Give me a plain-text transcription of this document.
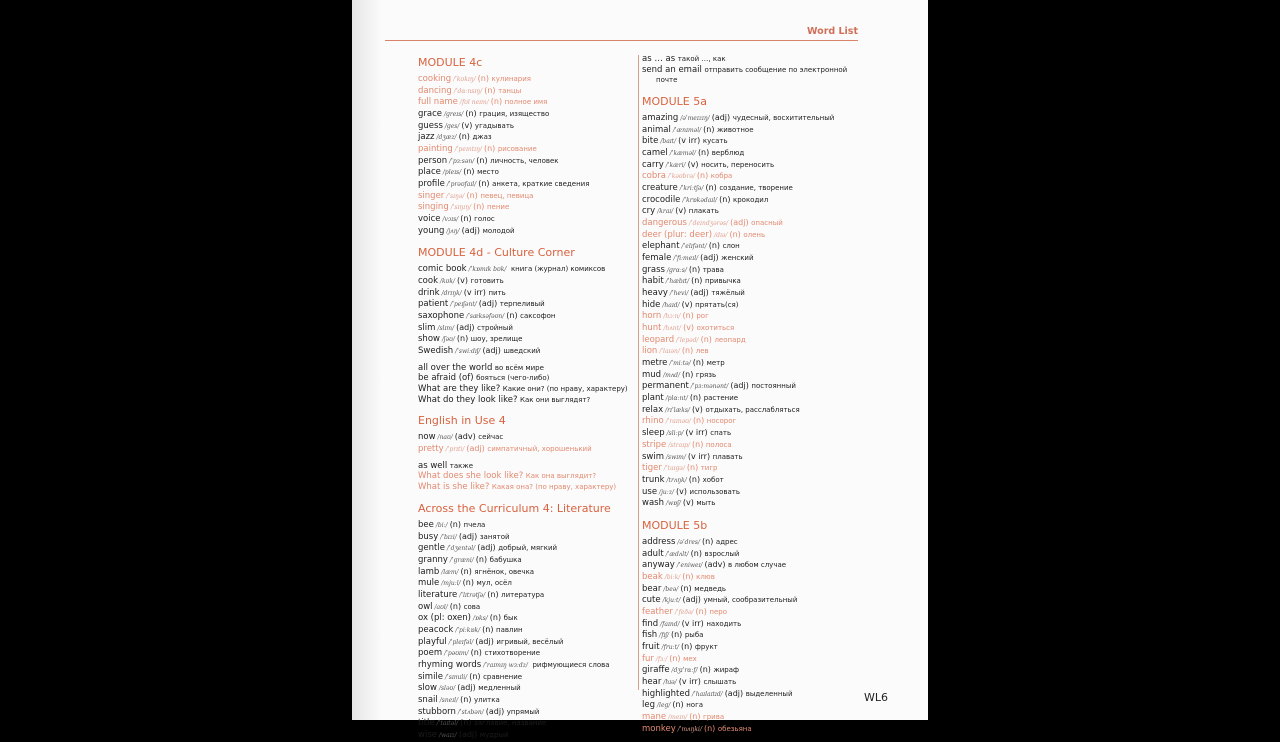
Word List
MODULE 4c
cooking /ˈkʊkɪŋ/ (n) кулинария
dancing /ˈdɑːnsɪŋ/ (n) танцы
full name /fʊl neɪm/ (n) полное имя
grace /ɡreɪs/ (n) грация, изящество
guess /ɡes/ (v) угадывать
jazz /dʒæz/ (n) джаз
painting /ˈpeɪntɪŋ/ (n) рисование
person /ˈpɜːsən/ (n) личность, человек
place /pleɪs/ (n) место
profile /ˈprəʊfaɪl/ (n) анкета, краткие сведения
singer /ˈsɪŋə/ (n) певец, певица
singing /ˈsɪŋɪŋ/ (n) пение
voice /vɔɪs/ (n) голос
young /jʌŋ/ (adj) молодой
MODULE 4d - Culture Corner
comic book /ˈkɒmɪk bʊk/ книга (журнал) комиксов
cook /kʊk/ (v) готовить
drink /drɪŋk/ (v irr) пить
patient /ˈpeɪʃənt/ (adj) терпеливый
saxophone /ˈsæksəfəʊn/ (n) саксофон
slim /slɪm/ (adj) стройный
show /ʃəʊ/ (n) шоу, зрелище
Swedish /ˈswiːdɪʃ/ (adj) шведский
all over the world во всём мире
be afraid (of) бояться (чего-либо)
What are they like? Какие они? (по нраву, характеру)
What do they look like? Как они выглядят?
English in Use 4
now /naʊ/ (adv) сейчас
pretty /ˈprɪti/ (adj) симпатичный, хорошенький
as well также
What does she look like? Как она выглядит?
What is she like? Какая она? (по нраву, характеру)
Across the Curriculum 4: Literature
bee /biː/ (n) пчела
busy /ˈbɪzi/ (adj) занятой
gentle /ˈdʒentəl/ (adj) добрый, мягкий
granny /ˈɡræni/ (n) бабушка
lamb /læm/ (n) ягнёнок, овечка
mule /mjuːl/ (n) мул, осёл
literature /ˈlɪtrətʃə/ (n) литература
owl /aʊl/ (n) сова
ox (pl: oxen) /ɒks/ (n) бык
peacock /ˈpiːkɒk/ (n) павлин
playful /ˈpleɪfəl/ (adj) игривый, весёлый
poem /ˈpəʊɪm/ (n) стихотворение
rhyming words /ˈraɪmɪŋ wɜːdz/ рифмующиеся слова
simile /ˈsɪmɪli/ (n) сравнение
slow /sləʊ/ (adj) медленный
snail /sneɪl/ (n) улитка
stubborn /ˈstʌbən/ (adj) упрямый
title /ˈtaɪtəl/ (n) заглавие, название
wise /waɪz/ (adj) мудрый
as … as такой …, как
send an email отправить сообщение по электронной
почте
MODULE 5a
amazing /əˈmeɪzɪŋ/ (adj) чудесный, восхитительный
animal /ˈænɪməl/ (n) животное
bite /baɪt/ (v irr) кусать
camel /ˈkæməl/ (n) верблюд
carry /ˈkæri/ (v) носить, переносить
cobra /ˈkəʊbrə/ (n) кобра
creature /ˈkriːtʃə/ (n) создание, творение
crocodile /ˈkrɒkədaɪl/ (n) крокодил
cry /kraɪ/ (v) плакать
dangerous /ˈdeɪndʒərəs/ (adj) опасный
deer (plur: deer) /dɪə/ (n) олень
elephant /ˈelɪfənt/ (n) слон
female /ˈfiːmeɪl/ (adj) женский
grass /ɡrɑːs/ (n) трава
habit /ˈhæbɪt/ (n) привычка
heavy /ˈhevi/ (adj) тяжёлый
hide /haɪd/ (v) прятать(ся)
horn /hɔːn/ (n) рог
hunt /hʌnt/ (v) охотиться
leopard /ˈlepəd/ (n) леопард
lion /ˈlaɪən/ (n) лев
metre /ˈmiːtə/ (n) метр
mud /mʌd/ (n) грязь
permanent /ˈpɜːmənənt/ (adj) постоянный
plant /plɑːnt/ (n) растение
relax /rɪˈlæks/ (v) отдыхать, расслабляться
rhino /ˈraɪnəʊ/ (n) носорог
sleep /sliːp/ (v irr) спать
stripe /straɪp/ (n) полоса
swim /swɪm/ (v irr) плавать
tiger /ˈtaɪɡə/ (n) тигр
trunk /trʌŋk/ (n) хобот
use /juːz/ (v) использовать
wash /wɒʃ/ (v) мыть
MODULE 5b
address /əˈdres/ (n) адрес
adult /ˈædʌlt/ (n) взрослый
anyway /ˈeniweɪ/ (adv) в любом случае
beak /biːk/ (n) клюв
bear /beə/ (n) медведь
cute /kjuːt/ (adj) умный, сообразительный
feather /ˈfeðə/ (n) перо
find /faɪnd/ (v irr) находить
fish /fɪʃ/ (n) рыба
fruit /fruːt/ (n) фрукт
fur /fɜː/ (n) мех
giraffe /dʒɪˈrɑːf/ (n) жираф
hear /hɪə/ (v irr) слышать
highlighted /ˈhaɪlaɪtɪd/ (adj) выделенный
leg /leɡ/ (n) нога
mane /meɪn/ (n) грива
monkey /ˈmʌŋki/ (n) обезьяна
WL6
